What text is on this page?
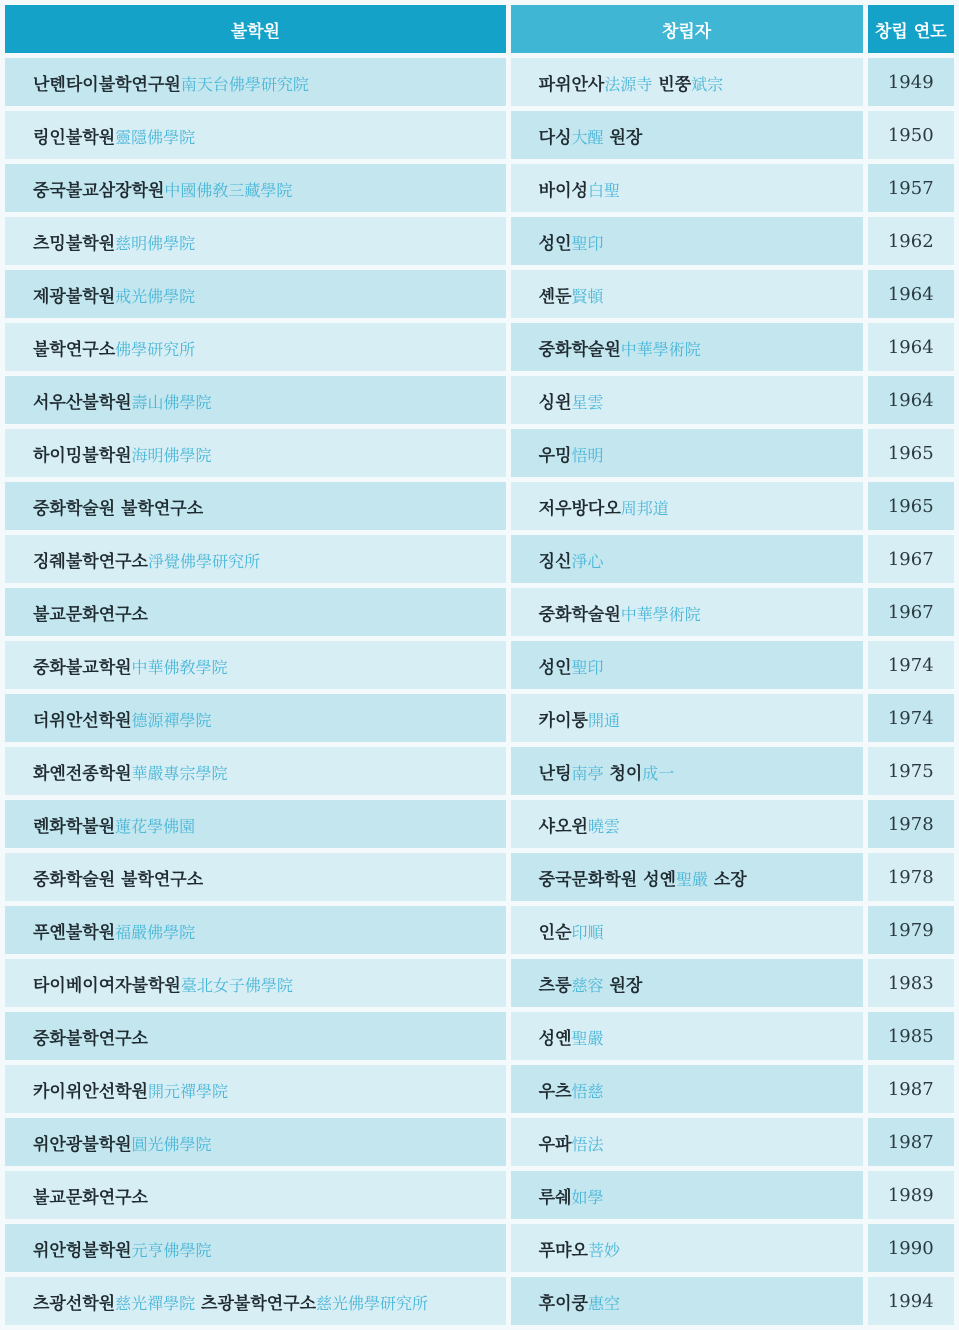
불학원	창립자	창립 연도
난톈타이불학연구원南天台佛學研究院	파위안사法源寺 빈쭝斌宗	1949
링인불학원靈隱佛學院	다싱大醒 원장	1950
중국불교삼장학원中國佛敎三藏學院	바이성白聖	1957
츠밍불학원慈明佛學院	성인聖印	1962
제광불학원戒光佛學院	셴둔賢頓	1964
불학연구소佛學研究所	중화학술원中華學術院	1964
서우산불학원壽山佛學院	싱윈星雲	1964
하이밍불학원海明佛學院	우밍悟明	1965
중화학술원 불학연구소	저우방다오周邦道	1965
징줴불학연구소淨覺佛學研究所	징신淨心	1967
불교문화연구소	중화학술원中華學術院	1967
중화불교학원中華佛敎學院	성인聖印	1974
더위안선학원德源禪學院	카이퉁開通	1974
화옌전종학원華嚴專宗學院	난팅南亭 청이成一	1975
롄화학불원蓮花學佛園	샤오윈曉雲	1978
중화학술원 불학연구소	중국문화학원 성옌聖嚴 소장	1978
푸옌불학원福嚴佛學院	인순印順	1979
타이베이여자불학원臺北女子佛學院	츠룽慈容 원장	1983
중화불학연구소	성옌聖嚴	1985
카이위안선학원開元禪學院	우츠悟慈	1987
위안광불학원圓光佛學院	우파悟法	1987
불교문화연구소	루쉐如學	1989
위안헝불학원元亨佛學院	푸먀오菩妙	1990
츠광선학원慈光禪學院 츠광불학연구소慈光佛學研究所	후이쿵惠空	1994
